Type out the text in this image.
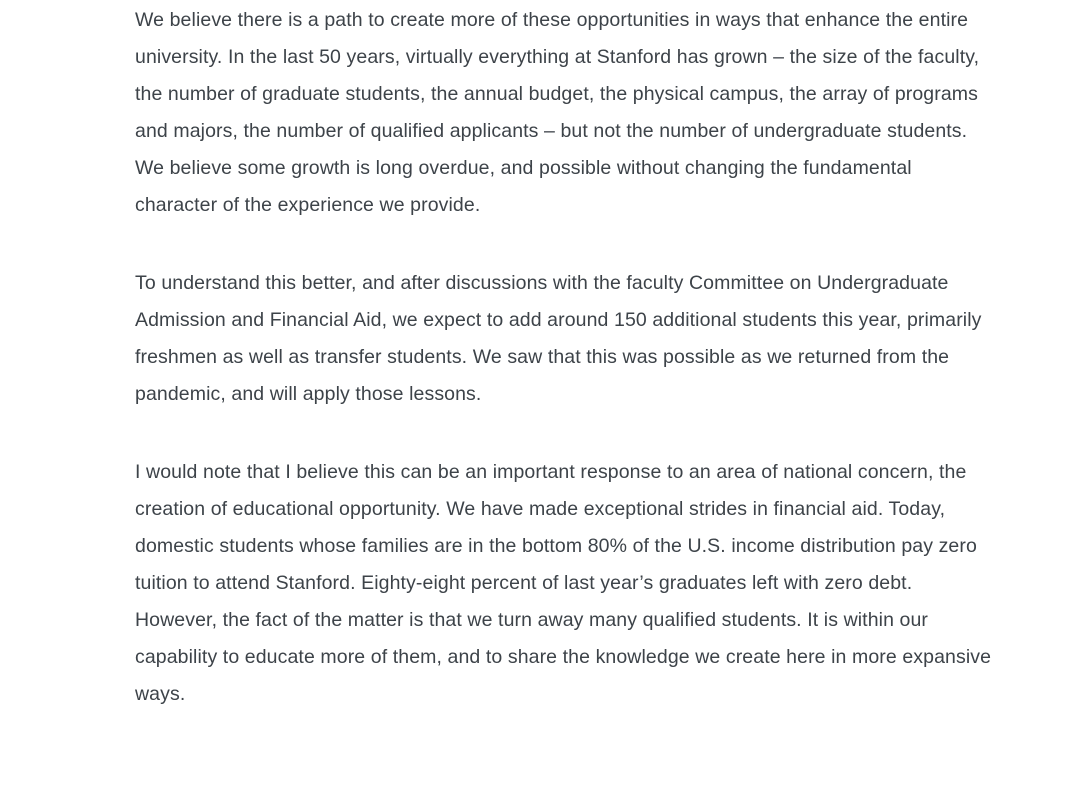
We believe there is a path to create more of these opportunities in ways that enhance the entire university. In the last 50 years, virtually everything at Stanford has grown – the size of the faculty, the number of graduate students, the annual budget, the physical campus, the array of programs and majors, the number of qualified applicants – but not the number of undergraduate students. We believe some growth is long overdue, and possible without changing the fundamental character of the experience we provide.

To understand this better, and after discussions with the faculty Committee on Undergraduate Admission and Financial Aid, we expect to add around 150 additional students this year, primarily freshmen as well as transfer students. We saw that this was possible as we returned from the pandemic, and will apply those lessons.

I would note that I believe this can be an important response to an area of national concern, the creation of educational opportunity. We have made exceptional strides in financial aid. Today, domestic students whose families are in the bottom 80% of the U.S. income distribution pay zero tuition to attend Stanford. Eighty-eight percent of last year’s graduates left with zero debt. However, the fact of the matter is that we turn away many qualified students. It is within our capability to educate more of them, and to share the knowledge we create here in more expansive ways.
